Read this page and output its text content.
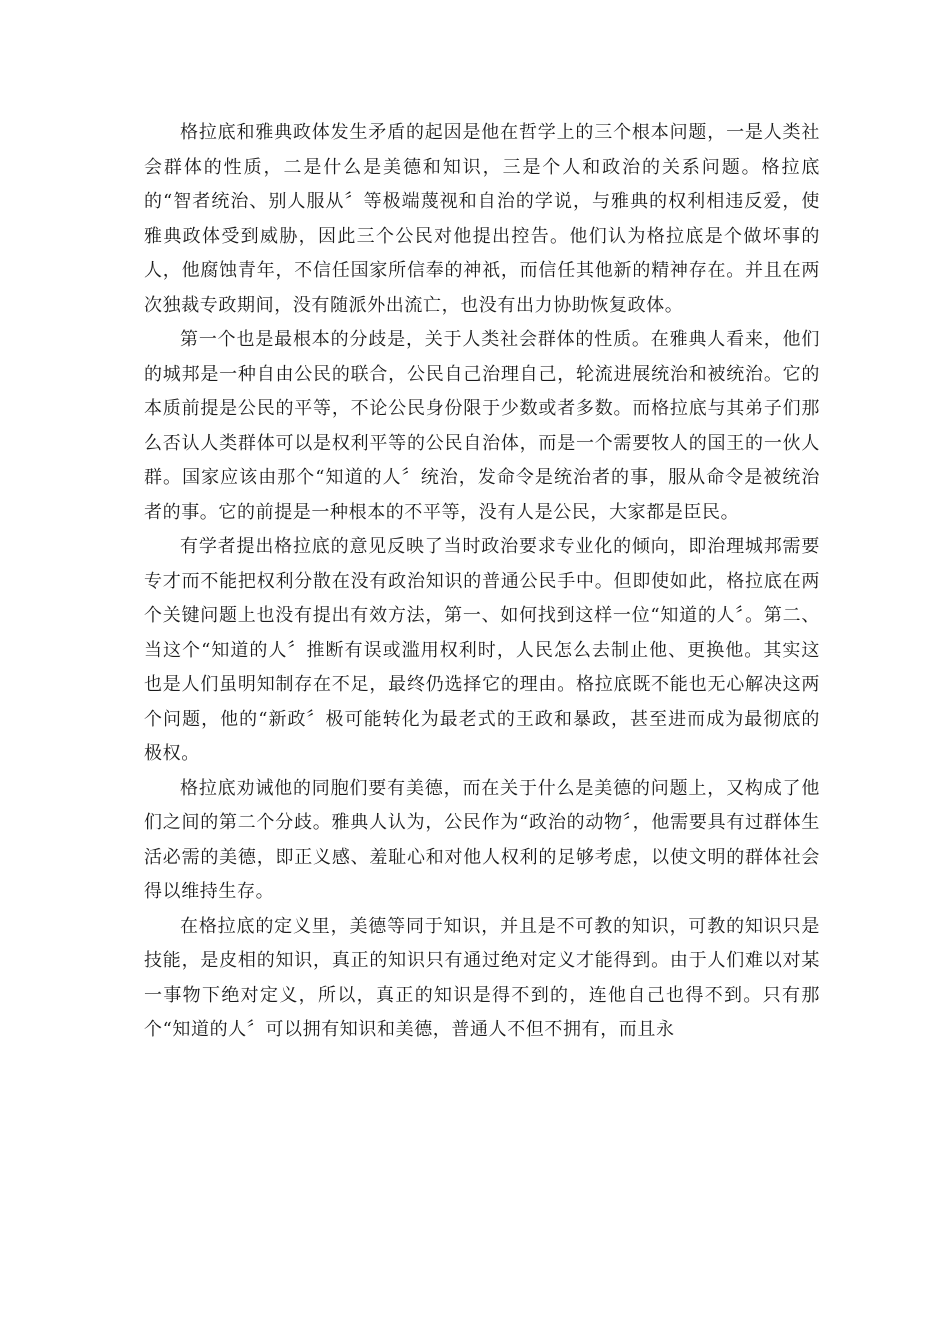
格拉底和雅典政体发生矛盾的起因是他在哲学上的三个根本问题，一是人类社会群体的性质，二是什么是美德和知识，三是个人和政治的关系问题。格拉底的“智者统治、别人服从〞等极端蔑视和自治的学说，与雅典的权利相违反爱，使雅典政体受到威胁，因此三个公民对他提出控告。他们认为格拉底是个做坏事的人，他腐蚀青年，不信任国家所信奉的神祇，而信任其他新的精神存在。并且在两次独裁专政期间，没有随派外出流亡，也没有出力协助恢复政体。

第一个也是最根本的分歧是，关于人类社会群体的性质。在雅典人看来，他们的城邦是一种自由公民的联合，公民自己治理自己，轮流进展统治和被统治。它的本质前提是公民的平等，不论公民身份限于少数或者多数。而格拉底与其弟子们那么否认人类群体可以是权利平等的公民自治体，而是一个需要牧人的国王的一伙人群。国家应该由那个“知道的人〞统治，发命令是统治者的事，服从命令是被统治者的事。它的前提是一种根本的不平等，没有人是公民，大家都是臣民。

有学者提出格拉底的意见反映了当时政治要求专业化的倾向，即治理城邦需要专才而不能把权利分散在没有政治知识的普通公民手中。但即使如此，格拉底在两个关键问题上也没有提出有效方法，第一、如何找到这样一位“知道的人〞。第二、当这个“知道的人〞推断有误或滥用权利时，人民怎么去制止他、更换他。其实这也是人们虽明知制存在不足，最终仍选择它的理由。格拉底既不能也无心解决这两个问题，他的“新政〞极可能转化为最老式的王政和暴政，甚至进而成为最彻底的极权。

格拉底劝诫他的同胞们要有美德，而在关于什么是美德的问题上，又构成了他们之间的第二个分歧。雅典人认为，公民作为“政治的动物〞，他需要具有过群体生活必需的美德，即正义感、羞耻心和对他人权利的足够考虑，以使文明的群体社会得以维持生存。

在格拉底的定义里，美德等同于知识，并且是不可教的知识，可教的知识只是技能，是皮相的知识，真正的知识只有通过绝对定义才能得到。由于人们难以对某一事物下绝对定义，所以，真正的知识是得不到的，连他自己也得不到。只有那个“知道的人〞可以拥有知识和美德，普通人不但不拥有，而且永
